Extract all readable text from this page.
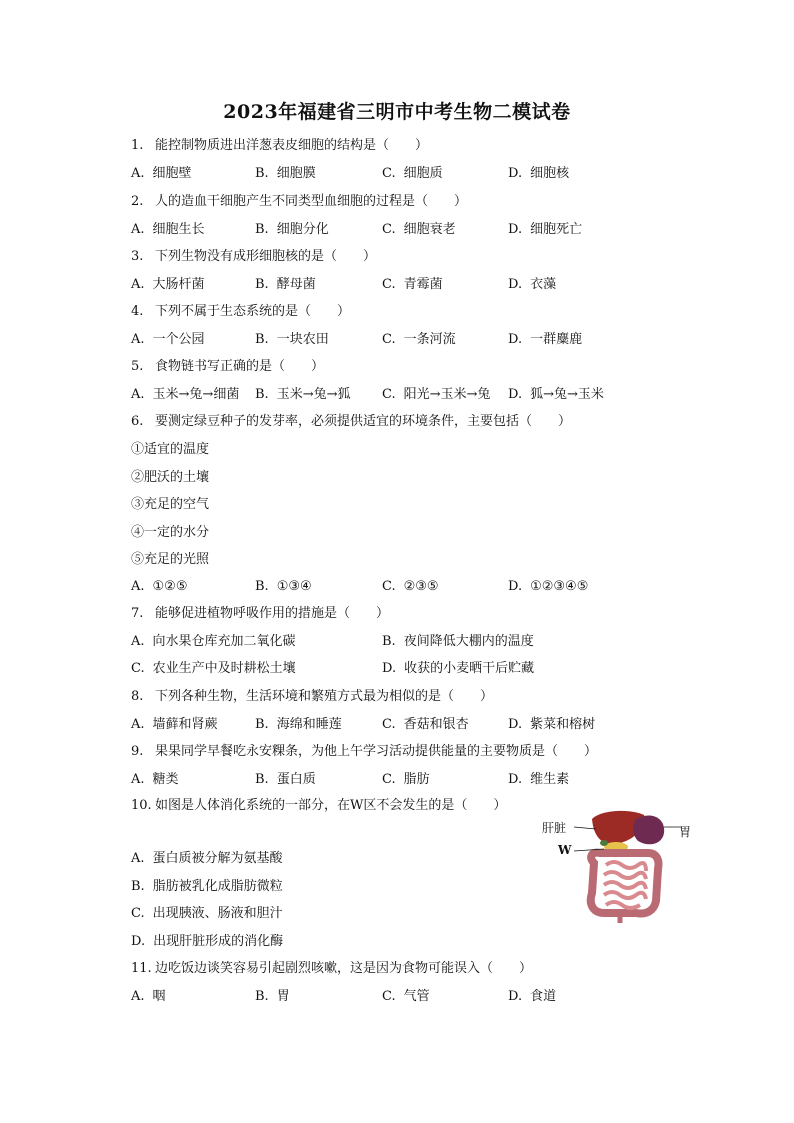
2023年福建省三明市中考生物二模试卷
1. 能控制物质进出洋葱表皮细胞的结构是（　　）
A. 细胞壁	B. 细胞膜	C. 细胞质	D. 细胞核
2. 人的造血干细胞产生不同类型血细胞的过程是（　　）
A. 细胞生长	B. 细胞分化	C. 细胞衰老	D. 细胞死亡
3. 下列生物没有成形细胞核的是（　　）
A. 大肠杆菌	B. 酵母菌	C. 青霉菌	D. 衣藻
4. 下列不属于生态系统的是（　　）
A. 一个公园	B. 一块农田	C. 一条河流	D. 一群麋鹿
5. 食物链书写正确的是（　　）
A. 玉米→兔→细菌 B. 玉米→兔→狐 C. 阳光→玉米→兔 D. 狐→兔→玉米
6. 要测定绿豆种子的发芽率，必须提供适宜的环境条件，主要包括（　　）
①适宜的温度
②肥沃的土壤
③充足的空气
④一定的水分
⑤充足的光照
A. ①②⑤	B. ①③④	C. ②③⑤	D. ①②③④⑤
7. 能够促进植物呼吸作用的措施是（　　）
A. 向水果仓库充加二氧化碳	B. 夜间降低大棚内的温度
C. 农业生产中及时耕松土壤	D. 收获的小麦晒干后贮藏
8. 下列各种生物，生活环境和繁殖方式最为相似的是（　　）
A. 墙藓和肾蕨	B. 海绵和睡莲	C. 香菇和银杏	D. 紫菜和榕树
9. 果果同学早餐吃永安粿条，为他上午学习活动提供能量的主要物质是（　　）
A. 糖类	B. 蛋白质	C. 脂肪	D. 维生素
10. 如图是人体消化系统的一部分，在W区不会发生的是（　　）
A. 蛋白质被分解为氨基酸
B. 脂肪被乳化成脂肪微粒
C. 出现胰液、肠液和胆汁
D. 出现肝脏形成的消化酶
11. 边吃饭边谈笑容易引起剧烈咳嗽，这是因为食物可能误入（　　）
A. 咽	B. 胃	C. 气管	D. 食道
肝脏	胃
W
